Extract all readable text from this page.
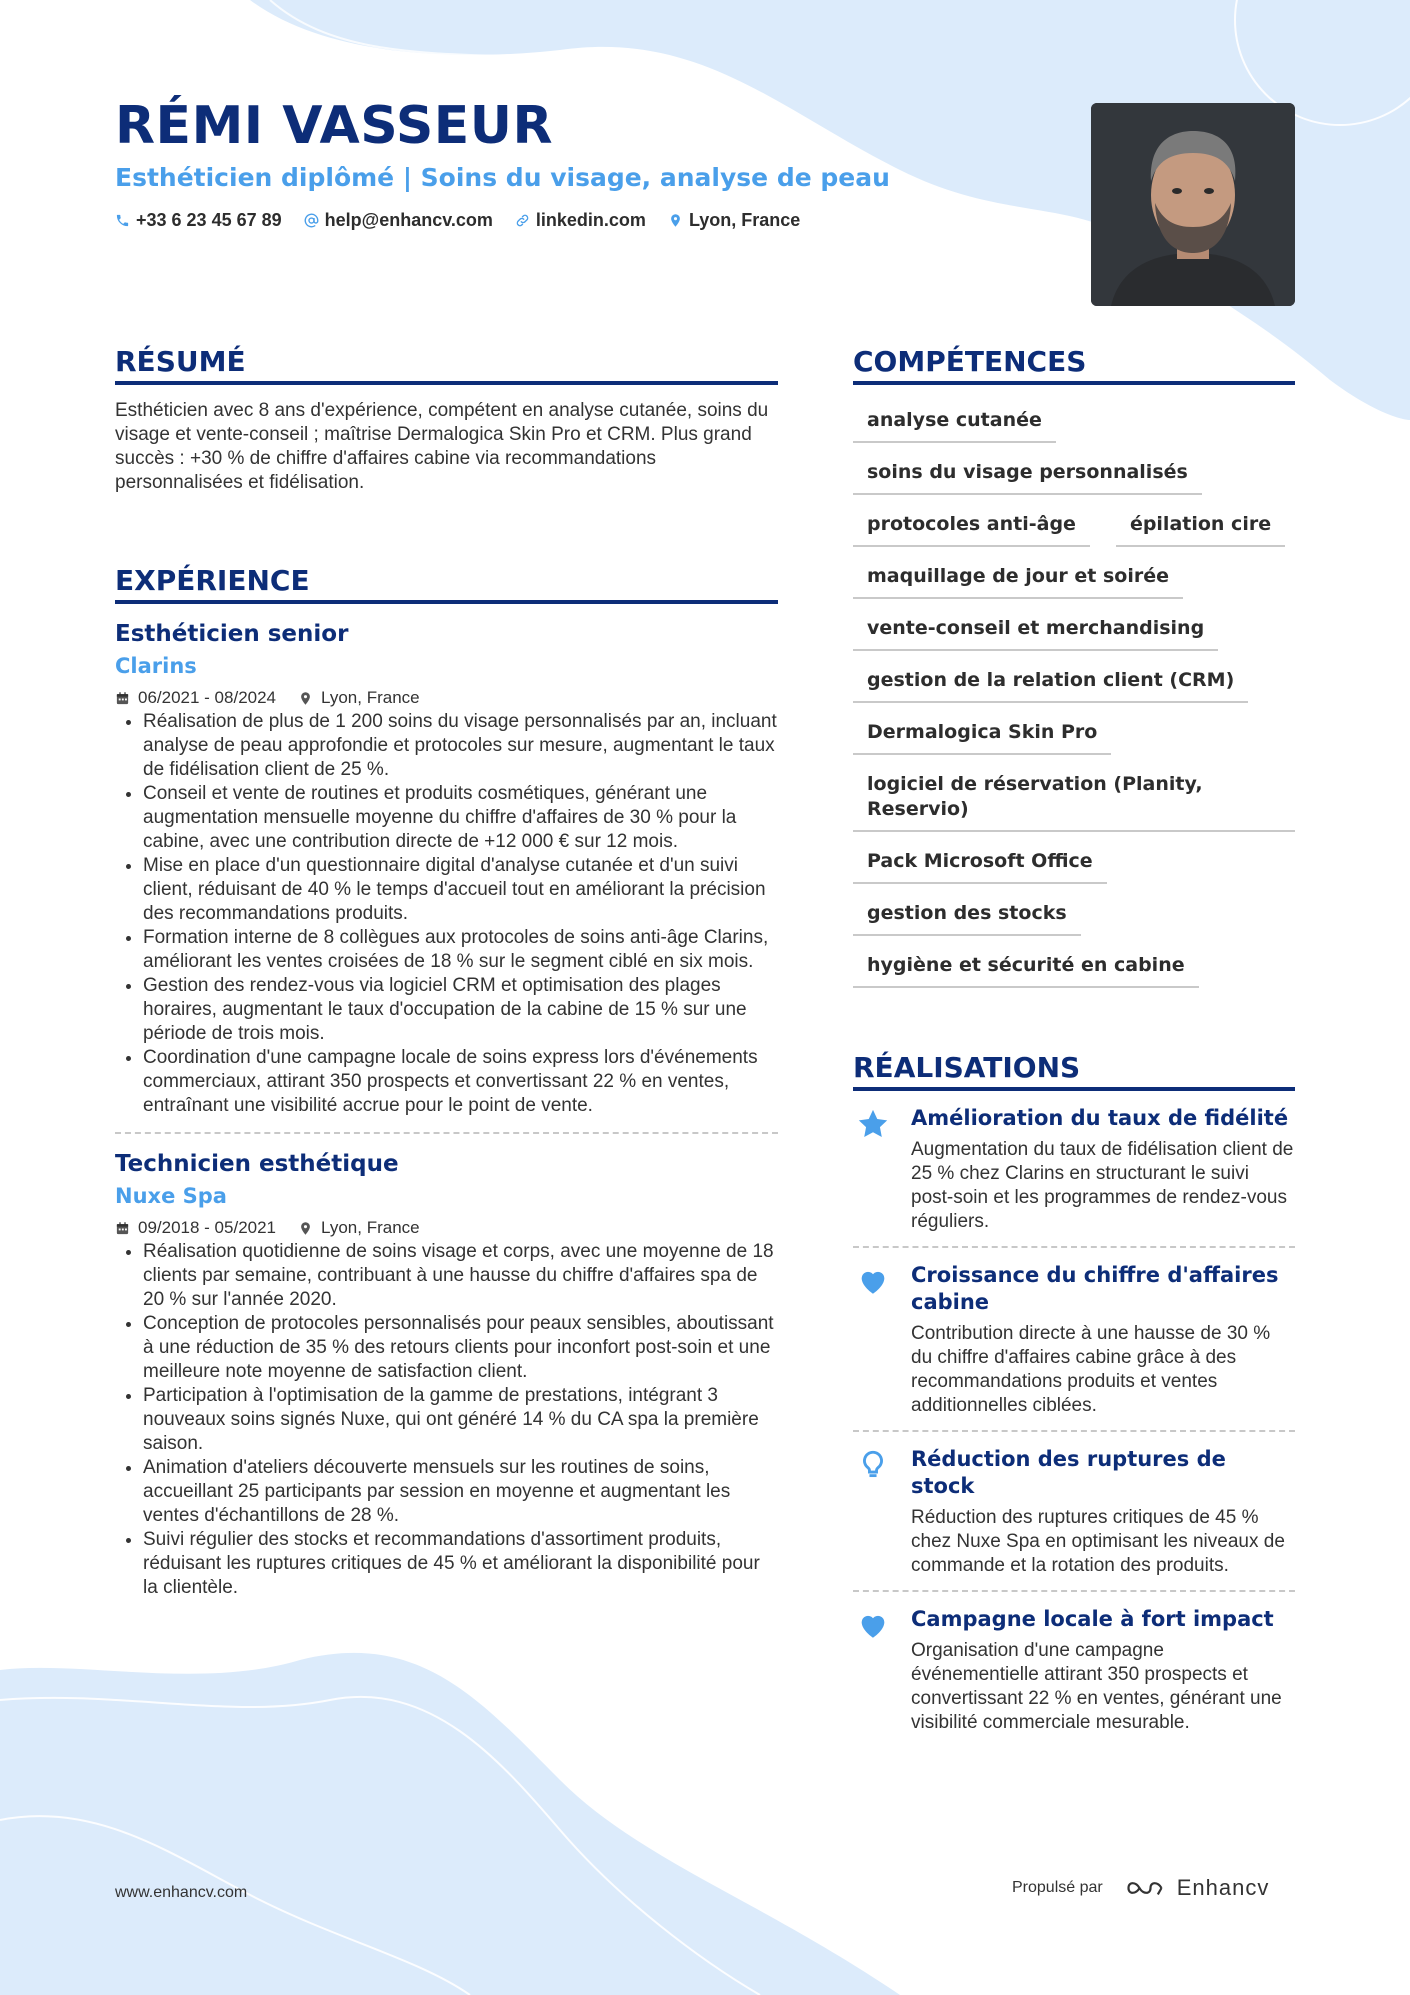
RÉMI VASSEUR
Esthéticien diplômé | Soins du visage, analyse de peau
+33 6 23 45 67 89 help@enhancv.com linkedin.com Lyon, France
RÉSUMÉ
Esthéticien avec 8 ans d'expérience, compétent en analyse cutanée, soins du visage et vente-conseil ; maîtrise Dermalogica Skin Pro et CRM. Plus grand succès : +30 % de chiffre d'affaires cabine via recommandations personnalisées et fidélisation.
EXPÉRIENCE
Esthéticien senior
Clarins
06/2021 - 08/2024	Lyon, France
Réalisation de plus de 1 200 soins du visage personnalisés par an, incluant analyse de peau approfondie et protocoles sur mesure, augmentant le taux de fidélisation client de 25 %.
Conseil et vente de routines et produits cosmétiques, générant une augmentation mensuelle moyenne du chiffre d'affaires de 30 % pour la cabine, avec une contribution directe de +12 000 € sur 12 mois.
Mise en place d'un questionnaire digital d'analyse cutanée et d'un suivi client, réduisant de 40 % le temps d'accueil tout en améliorant la précision des recommandations produits.
Formation interne de 8 collègues aux protocoles de soins anti-âge Clarins, améliorant les ventes croisées de 18 % sur le segment ciblé en six mois.
Gestion des rendez-vous via logiciel CRM et optimisation des plages horaires, augmentant le taux d'occupation de la cabine de 15 % sur une période de trois mois.
Coordination d'une campagne locale de soins express lors d'événements commerciaux, attirant 350 prospects et convertissant 22 % en ventes, entraînant une visibilité accrue pour le point de vente.
Technicien esthétique
Nuxe Spa
09/2018 - 05/2021	Lyon, France
Réalisation quotidienne de soins visage et corps, avec une moyenne de 18 clients par semaine, contribuant à une hausse du chiffre d'affaires spa de 20 % sur l'année 2020.
Conception de protocoles personnalisés pour peaux sensibles, aboutissant à une réduction de 35 % des retours clients pour inconfort post-soin et une meilleure note moyenne de satisfaction client.
Participation à l'optimisation de la gamme de prestations, intégrant 3 nouveaux soins signés Nuxe, qui ont généré 14 % du CA spa la première saison.
Animation d'ateliers découverte mensuels sur les routines de soins, accueillant 25 participants par session en moyenne et augmentant les ventes d'échantillons de 28 %.
Suivi régulier des stocks et recommandations d'assortiment produits, réduisant les ruptures critiques de 45 % et améliorant la disponibilité pour la clientèle.
COMPÉTENCES
analyse cutanée
soins du visage personnalisés
protocoles anti-âge	épilation cire
maquillage de jour et soirée
vente-conseil et merchandising
gestion de la relation client (CRM)
Dermalogica Skin Pro
logiciel de réservation (Planity, Reservio)
Pack Microsoft Office
gestion des stocks
hygiène et sécurité en cabine
RÉALISATIONS
Amélioration du taux de fidélité
Augmentation du taux de fidélisation client de 25 % chez Clarins en structurant le suivi post-soin et les programmes de rendez-vous réguliers.
Croissance du chiffre d'affaires cabine
Contribution directe à une hausse de 30 % du chiffre d'affaires cabine grâce à des recommandations produits et ventes additionnelles ciblées.
Réduction des ruptures de stock
Réduction des ruptures critiques de 45 % chez Nuxe Spa en optimisant les niveaux de commande et la rotation des produits.
Campagne locale à fort impact
Organisation d'une campagne événementielle attirant 350 prospects et convertissant 22 % en ventes, générant une visibilité commerciale mesurable.
www.enhancv.com	Propulsé par	Enhancv
